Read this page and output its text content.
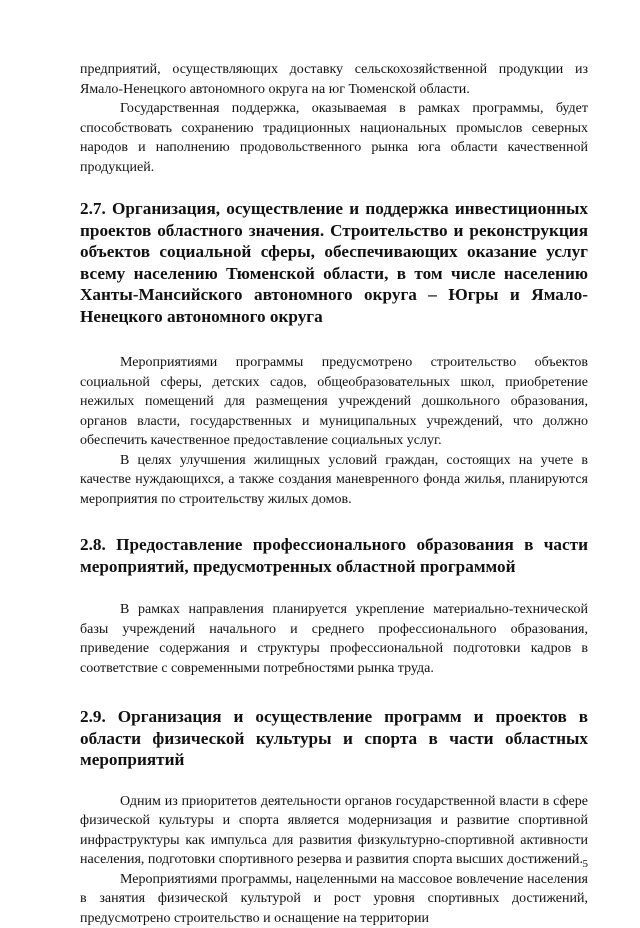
предприятий, осуществляющих доставку сельскохозяйственной продукции из Ямало-Ненецкого автономного округа на юг Тюменской области.

Государственная поддержка, оказываемая в рамках программы, будет способствовать сохранению традиционных национальных промыслов северных народов и наполнению продовольственного рынка юга области качественной продукцией.

2.7. Организация, осуществление и поддержка инвестиционных проектов областного значения. Строительство и реконструкция объектов социальной сферы, обеспечивающих оказание услуг всему населению Тюменской области, в том числе населению Ханты-Мансийского автономного округа – Югры и Ямало-Ненецкого автономного округа

Мероприятиями программы предусмотрено строительство объектов социальной сферы, детских садов, общеобразовательных школ, приобретение нежилых помещений для размещения учреждений дошкольного образования, органов власти, государственных и муниципальных учреждений, что должно обеспечить качественное предоставление социальных услуг.

В целях улучшения жилищных условий граждан, состоящих на учете в качестве нуждающихся, а также создания маневренного фонда жилья, планируются мероприятия по строительству жилых домов.

2.8. Предоставление профессионального образования в части мероприятий, предусмотренных областной программой

В рамках направления планируется укрепление материально-технической базы учреждений начального и среднего профессионального образования, приведение содержания и структуры профессиональной подготовки кадров в соответствие с современными потребностями рынка труда.

2.9. Организация и осуществление программ и проектов в области физической культуры и спорта в части областных мероприятий

Одним из приоритетов деятельности органов государственной власти в сфере физической культуры и спорта является модернизация и развитие спортивной инфраструктуры как импульса для развития физкультурно-спортивной активности населения, подготовки спортивного резерва и развития спорта высших достижений.

Мероприятиями программы, нацеленными на массовое вовлечение населения в занятия физической культурой и рост уровня спортивных достижений, предусмотрено строительство и оснащение на территории

5
